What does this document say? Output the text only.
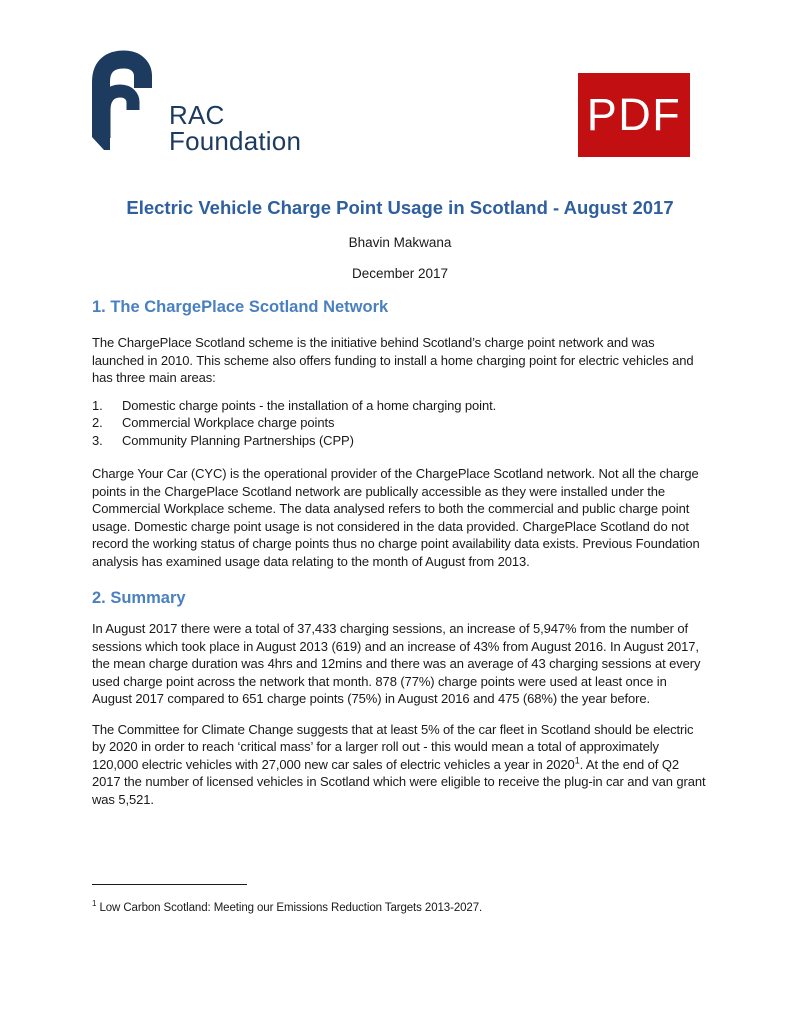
RAC
Foundation
PDF
Electric Vehicle Charge Point Usage in Scotland - August 2017
Bhavin Makwana
December 2017
1. The ChargePlace Scotland Network

The ChargePlace Scotland scheme is the initiative behind Scotland’s charge point network and was launched in 2010. This scheme also offers funding to install a home charging point for electric vehicles and has three main areas:

1.	Domestic charge points - the installation of a home charging point.
2.	Commercial Workplace charge points
3.	Community Planning Partnerships (CPP)

Charge Your Car (CYC) is the operational provider of the ChargePlace Scotland network. Not all the charge points in the ChargePlace Scotland network are publically accessible as they were installed under the Commercial Workplace scheme. The data analysed refers to both the commercial and public charge point usage. Domestic charge point usage is not considered in the data provided. ChargePlace Scotland do not record the working status of charge points thus no charge point availability data exists. Previous Foundation analysis has examined usage data relating to the month of August from 2013.

2. Summary

In August 2017 there were a total of 37,433 charging sessions, an increase of 5,947% from the number of sessions which took place in August 2013 (619) and an increase of 43% from August 2016. In August 2017, the mean charge duration was 4hrs and 12mins and there was an average of 43 charging sessions at every used charge point across the network that month. 878 (77%) charge points were used at least once in August 2017 compared to 651 charge points (75%) in August 2016 and 475 (68%) the year before.

The Committee for Climate Change suggests that at least 5% of the car fleet in Scotland should be electric by 2020 in order to reach ‘critical mass’ for a larger roll out - this would mean a total of approximately 120,000 electric vehicles with 27,000 new car sales of electric vehicles a year in 2020$^1$. At the end of Q2 2017 the number of licensed vehicles in Scotland which were eligible to receive the plug-in car and van grant was 5,521.

$^1$ Low Carbon Scotland: Meeting our Emissions Reduction Targets 2013-2027.
